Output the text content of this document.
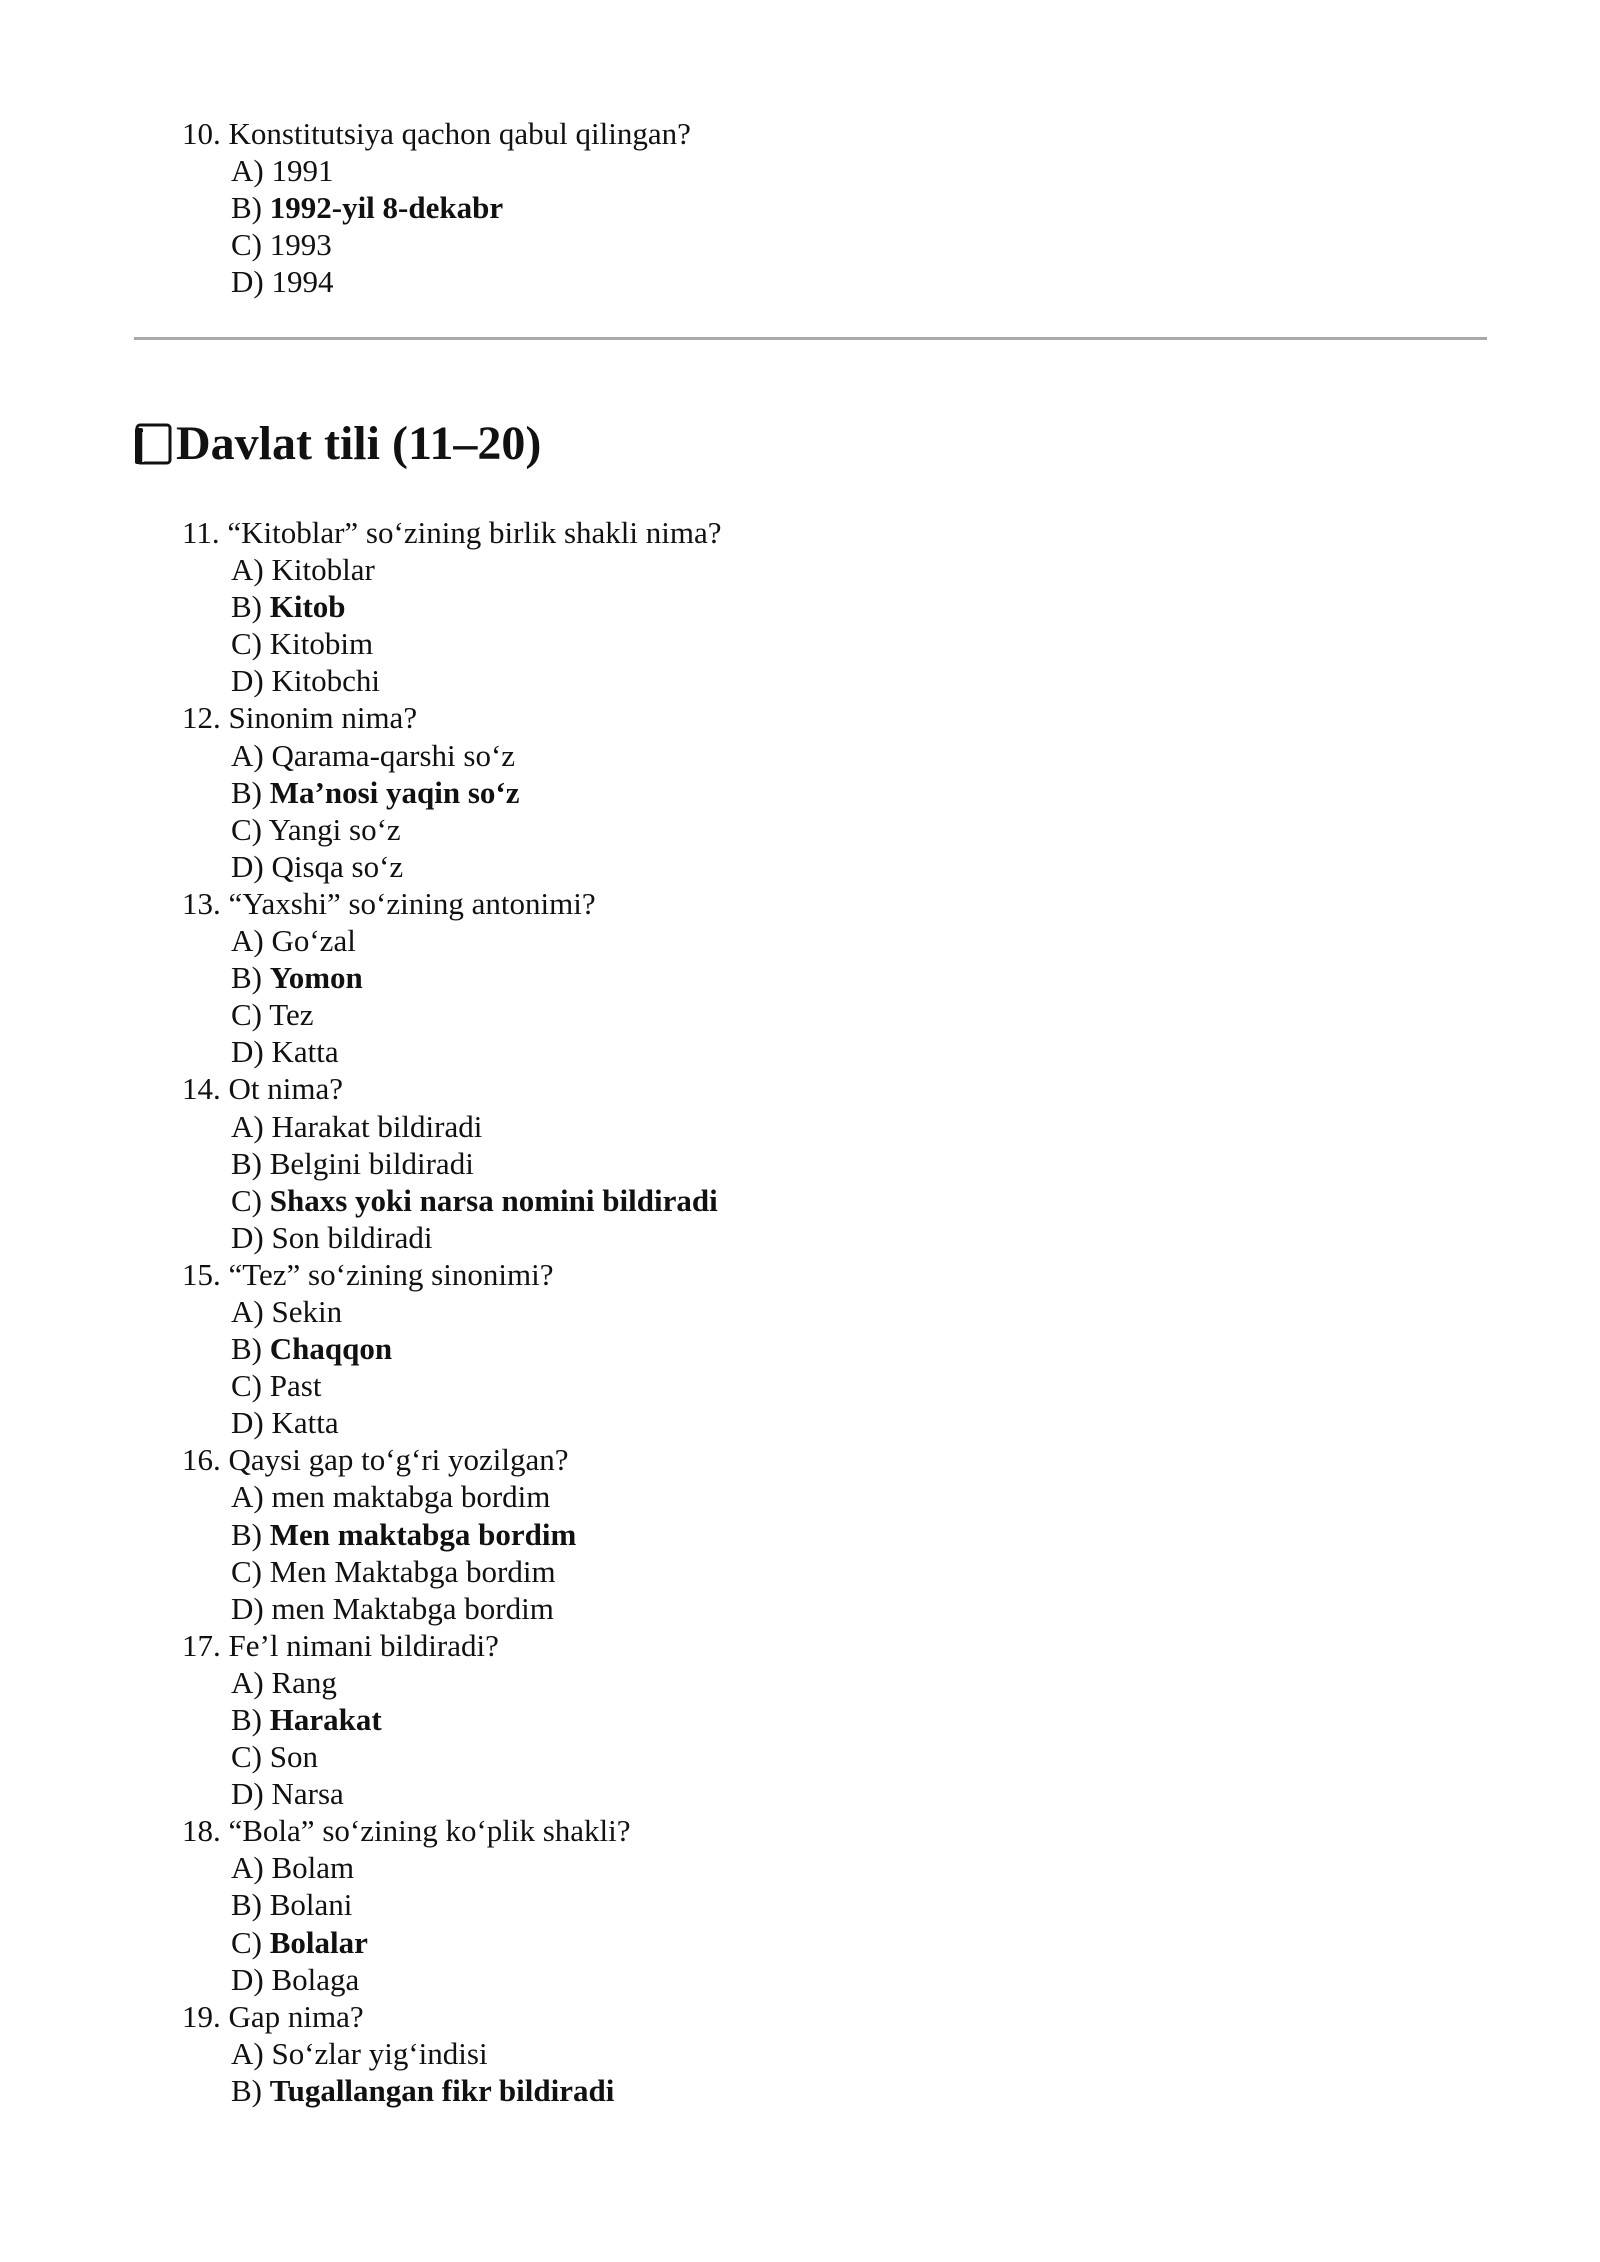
10. Konstitutsiya qachon qabul qilingan?
A) 1991
B) 1992-yil 8-dekabr
C) 1993
D) 1994
Davlat tili (11–20)
11. “Kitoblar” so‘zining birlik shakli nima?
A) Kitoblar
B) Kitob
C) Kitobim
D) Kitobchi
12. Sinonim nima?
A) Qarama-qarshi so‘z
B) Ma’nosi yaqin so‘z
C) Yangi so‘z
D) Qisqa so‘z
13. “Yaxshi” so‘zining antonimi?
A) Go‘zal
B) Yomon
C) Tez
D) Katta
14. Ot nima?
A) Harakat bildiradi
B) Belgini bildiradi
C) Shaxs yoki narsa nomini bildiradi
D) Son bildiradi
15. “Tez” so‘zining sinonimi?
A) Sekin
B) Chaqqon
C) Past
D) Katta
16. Qaysi gap to‘g‘ri yozilgan?
A) men maktabga bordim
B) Men maktabga bordim
C) Men Maktabga bordim
D) men Maktabga bordim
17. Fe’l nimani bildiradi?
A) Rang
B) Harakat
C) Son
D) Narsa
18. “Bola” so‘zining ko‘plik shakli?
A) Bolam
B) Bolani
C) Bolalar
D) Bolaga
19. Gap nima?
A) So‘zlar yig‘indisi
B) Tugallangan fikr bildiradi
